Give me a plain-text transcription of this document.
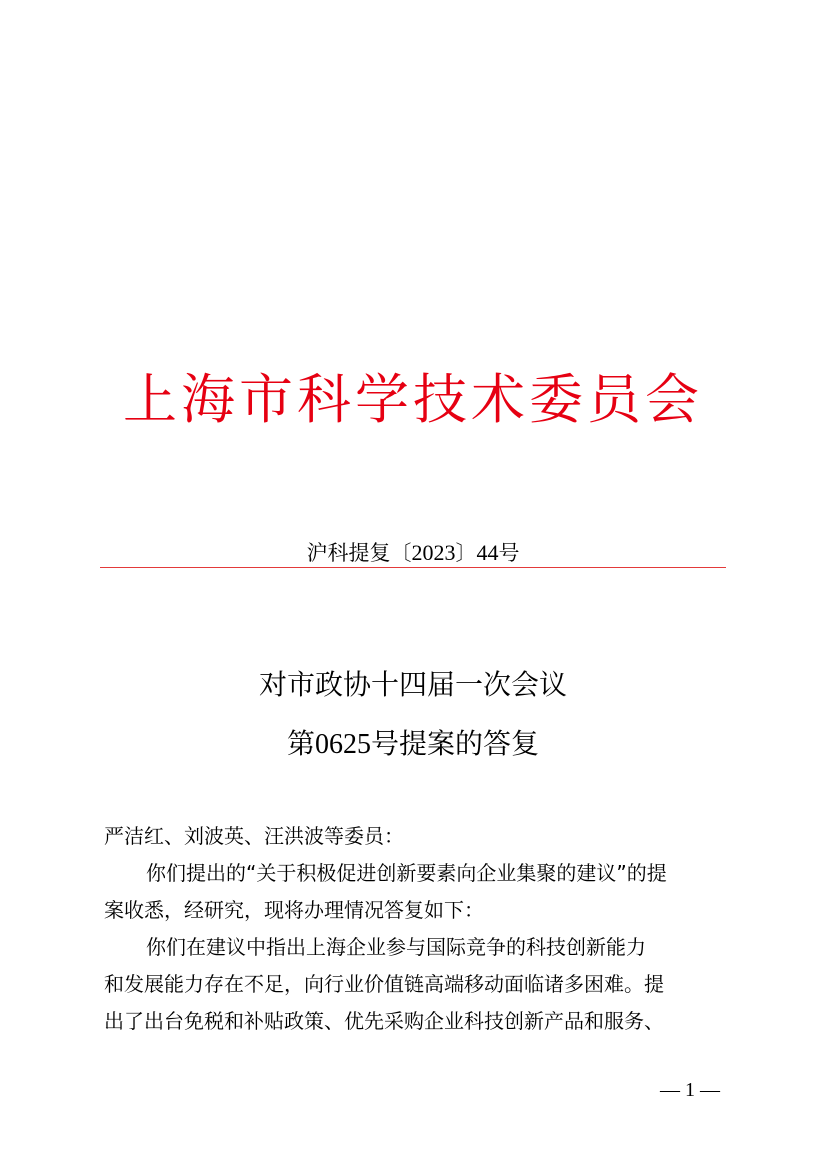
上海市科学技术委员会
沪科提复〔2023〕44号
对市政协十四届一次会议
第0625号提案的答复

严洁红、刘波英、汪洪波等委员：

你们提出的“关于积极促进创新要素向企业集聚的建议”的提
案收悉，经研究，现将办理情况答复如下：

你们在建议中指出上海企业参与国际竞争的科技创新能力
和发展能力存在不足，向行业价值链高端移动面临诸多困难。提
出了出台免税和补贴政策、优先采购企业科技创新产品和服务、

— 1 —
